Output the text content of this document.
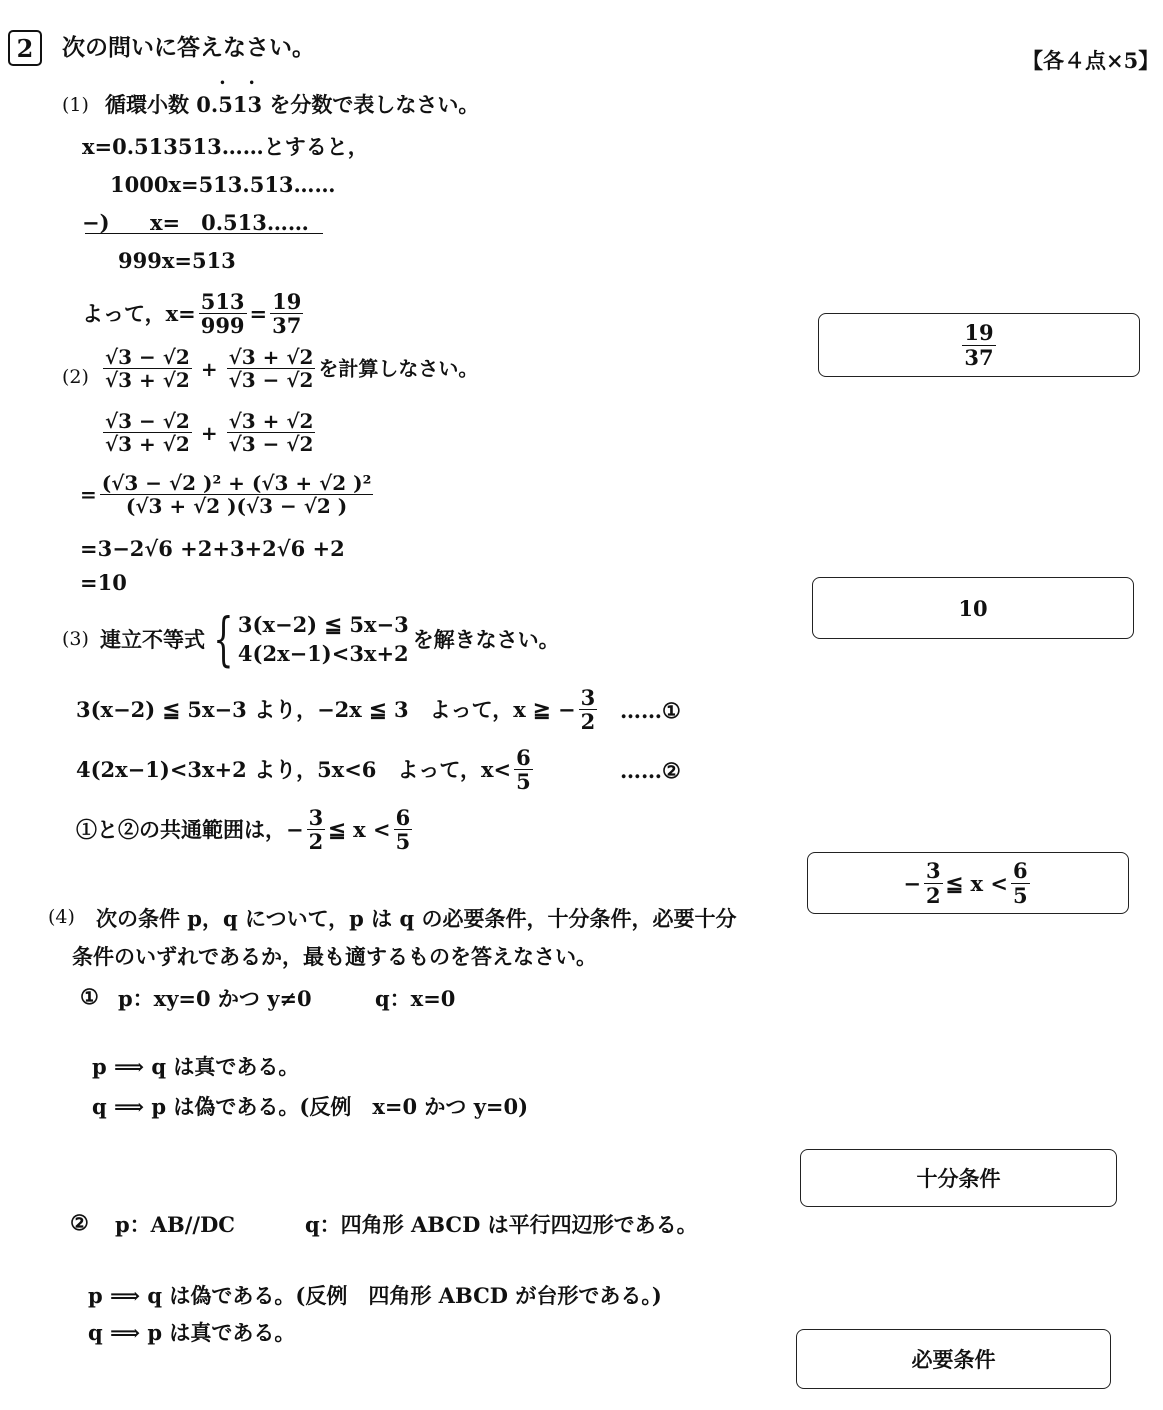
2 次の問いに答えなさい。	【各４点×5】
(1) 循環小数 0.• 51• 3 を分数で表しなさい。
x=0.513513……とすると，
1000x=513.513……
−) x=　0.513……
999x=513
よって，$x= \frac{513}{999} = \frac{19}{37}$
$\frac{19}{37}$
$(2) \frac{√3 - √2}{√3 + √2} + \frac{√3 + √2}{√3 - √2}$ を計算しなさい。
$\frac{√3 - √2}{√3 + √2} + \frac{√3 + √2}{√3 - √2}$
= $\frac{\text{(√3 − √2 )² + (√3 + √2 )²}}{(√3 + √2 )(√3 - √2 )}$
=3−2√6 +2+3+2√6 +2
=10
10
(3) 連立不等式 { 3(x−2) ≦ 5x−3
4(2x−1)<3x+2
を解きなさい。
3(x−2) ≦ 5x−3 より，−2x ≦ 3　よって，x ≧ − $\frac{3}{2}$ ……①
4(2x−1)<3x+2 より，5x<6　よって，$x< \frac{6}{5}$	……②
①と②の共通範囲は，− $\frac{3}{2}$ ≦ $x < \frac{6}{5}$
− $\frac{3}{2}$ ≦ x < 6
5
(4) 次の条件 p，q について，p は q の必要条件，十分条件，必要十分
条件のいずれであるか，最も適するものを答えなさい。
① p：xy=0 かつ y≠0	q：x=0
p ⟹ q は真である。
q ⟹ p は偽である。(反例　x=0 かつ y=0)
十分条件
② p：AB//DC	q：四角形 ABCD は平行四辺形である。
p ⟹ q は偽である。(反例　四角形 ABCD が台形である。)
q ⟹ p は真である。
必要条件
